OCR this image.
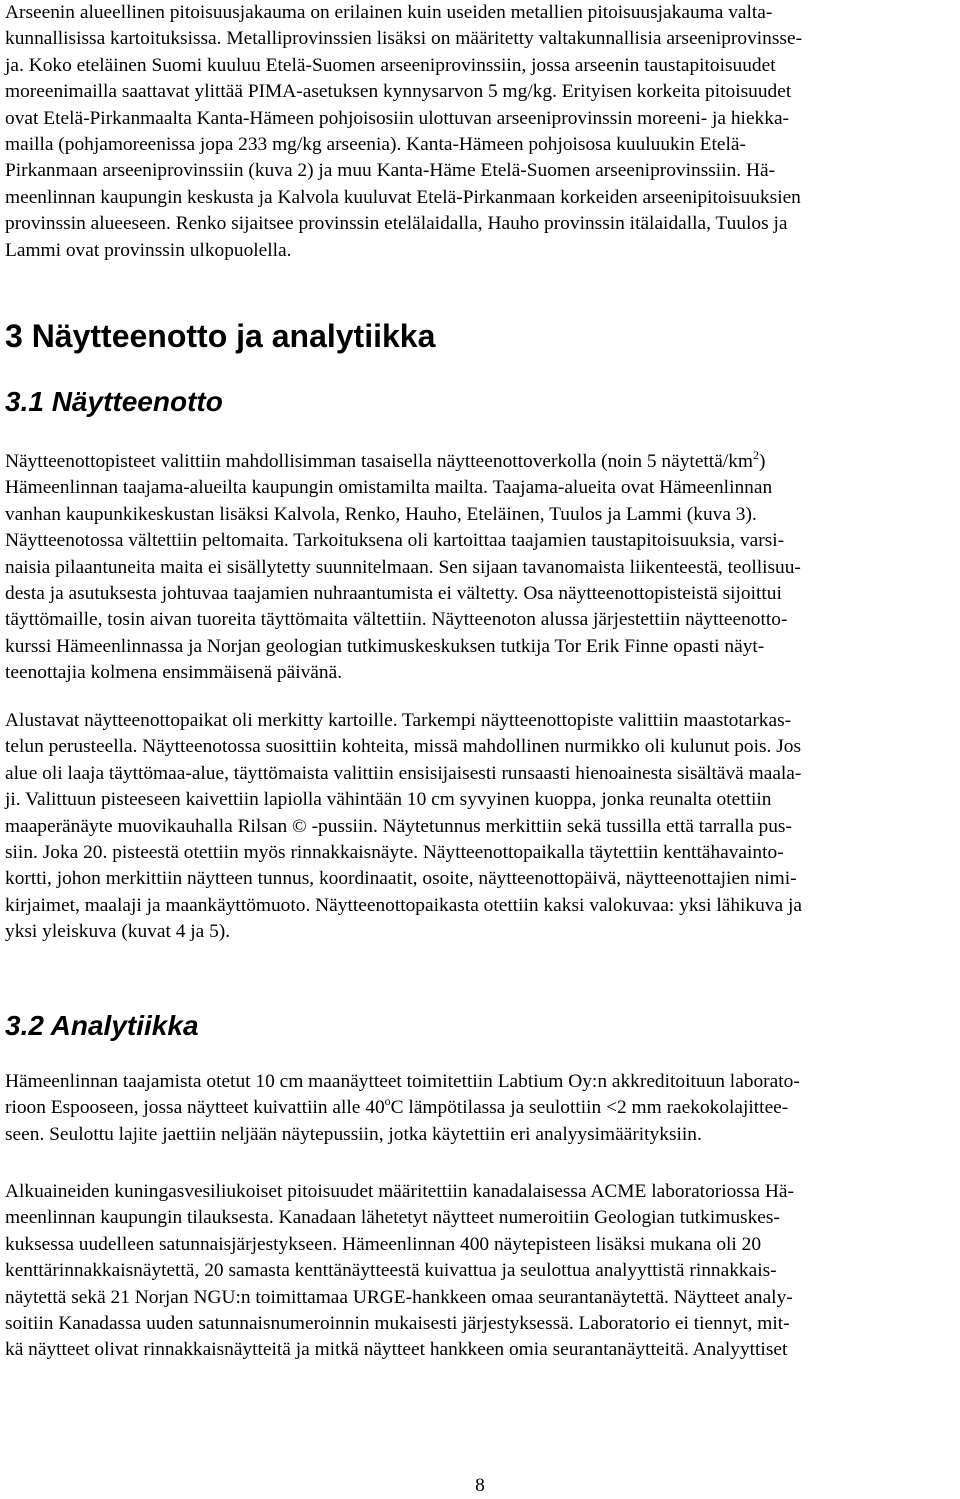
Arseenin alueellinen pitoisuusjakauma on erilainen kuin useiden metallien pitoisuusjakauma valta-
kunnallisissa kartoituksissa. Metalliprovinssien lisäksi on määritetty valtakunnallisia arseeniprovinsse-
ja. Koko eteläinen Suomi kuuluu Etelä-Suomen arseeniprovinssiin, jossa arseenin taustapitoisuudet
moreenimailla saattavat ylittää PIMA-asetuksen kynnysarvon 5 mg/kg. Erityisen korkeita pitoisuudet
ovat Etelä-Pirkanmaalta Kanta-Hämeen pohjoisosiin ulottuvan arseeniprovinssin moreeni- ja hiekka-
mailla (pohjamoreenissa jopa 233 mg/kg arseenia). Kanta-Hämeen pohjoisosa kuuluukin Etelä-
Pirkanmaan arseeniprovinssiin (kuva 2) ja muu Kanta-Häme Etelä-Suomen arseeniprovinssiin. Hä-
meenlinnan kaupungin keskusta ja Kalvola kuuluvat Etelä-Pirkanmaan korkeiden arseenipitoisuuksien
provinssin alueeseen. Renko sijaitsee provinssin etelälaidalla, Hauho provinssin itälaidalla, Tuulos ja
Lammi ovat provinssin ulkopuolella.

3 Näytteenotto ja analytiikka
3.1 Näytteenotto

Näytteenottopisteet valittiin mahdollisimman tasaisella näytteenottoverkolla (noin 5 näytettä/$km^2$)
Hämeenlinnan taajama-alueilta kaupungin omistamilta mailta. Taajama-alueita ovat Hämeenlinnan
vanhan kaupunkikeskustan lisäksi Kalvola, Renko, Hauho, Eteläinen, Tuulos ja Lammi (kuva 3).
Näytteenotossa vältettiin peltomaita. Tarkoituksena oli kartoittaa taajamien taustapitoisuuksia, varsi-
naisia pilaantuneita maita ei sisällytetty suunnitelmaan. Sen sijaan tavanomaista liikenteestä, teollisuu-
desta ja asutuksesta johtuvaa taajamien nuhraantumista ei vältetty. Osa näytteenottopisteistä sijoittui
täyttömaille, tosin aivan tuoreita täyttömaita vältettiin. Näytteenoton alussa järjestettiin näytteenotto-
kurssi Hämeenlinnassa ja Norjan geologian tutkimuskeskuksen tutkija Tor Erik Finne opasti näyt-
teenottajia kolmena ensimmäisenä päivänä.

Alustavat näytteenottopaikat oli merkitty kartoille. Tarkempi näytteenottopiste valittiin maastotarkas-
telun perusteella. Näytteenotossa suosittiin kohteita, missä mahdollinen nurmikko oli kulunut pois. Jos
alue oli laaja täyttömaa-alue, täyttömaista valittiin ensisijaisesti runsaasti hienoainesta sisältävä maala-
ji. Valittuun pisteeseen kaivettiin lapiolla vähintään 10 cm syvyinen kuoppa, jonka reunalta otettiin
maaperänäyte muovikauhalla Rilsan © -pussiin. Näytetunnus merkittiin sekä tussilla että tarralla pus-
siin. Joka 20. pisteestä otettiin myös rinnakkaisnäyte. Näytteenottopaikalla täytettiin kenttähavainto-
kortti, johon merkittiin näytteen tunnus, koordinaatit, osoite, näytteenottopäivä, näytteenottajien nimi-
kirjaimet, maalaji ja maankäyttömuoto. Näytteenottopaikasta otettiin kaksi valokuvaa: yksi lähikuva ja
yksi yleiskuva (kuvat 4 ja 5).

3.2 Analytiikka

Hämeenlinnan taajamista otetut 10 cm maanäytteet toimitettiin Labtium Oy:n akkreditoituun laborato-
rioon Espooseen, jossa näytteet kuivattiin alle 40$^o$C lämpötilassa ja seulottiin <2 mm raekokolajittee-
seen. Seulottu lajite jaettiin neljään näytepussiin, jotka käytettiin eri analyysimäärityksiin.

Alkuaineiden kuningasvesiliukoiset pitoisuudet määritettiin kanadalaisessa ACME laboratoriossa Hä-
meenlinnan kaupungin tilauksesta. Kanadaan lähetetyt näytteet numeroitiin Geologian tutkimuskes-
kuksessa uudelleen satunnaisjärjestykseen. Hämeenlinnan 400 näytepisteen lisäksi mukana oli 20
kenttärinnakkaisnäytettä, 20 samasta kenttänäytteestä kuivattua ja seulottua analyyttistä rinnakkais-
näytettä sekä 21 Norjan NGU:n toimittamaa URGE-hankkeen omaa seurantanäytettä. Näytteet analy-
soitiin Kanadassa uuden satunnaisnumeroinnin mukaisesti järjestyksessä. Laboratorio ei tiennyt, mit-
kä näytteet olivat rinnakkaisnäytteitä ja mitkä näytteet hankkeen omia seurantanäytteitä. Analyyttiset

8
